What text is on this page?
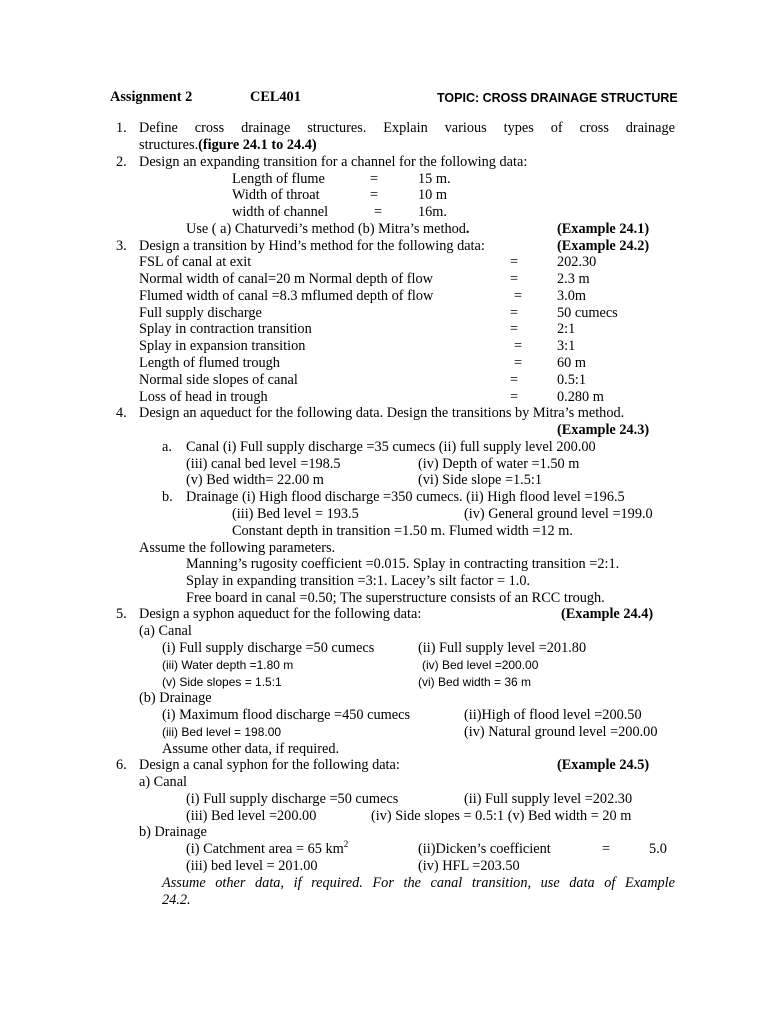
Assignment 2	CEL401	TOPIC: CROSS DRAINAGE STRUCTURE
1. Define cross drainage structures. Explain various types of cross drainage
structures.(figure 24.1 to 24.4)
2. Design an expanding transition for a channel for the following data:
Length of flume	=	15 m.
Width of throat	=	10 m
width of channel	=	16m.
Use ( a) Chaturvedi’s method (b) Mitra’s method.	(Example 24.1)
3. Design a transition by Hind’s method for the following data:	(Example 24.2)
FSL of canal at exit	=	202.30
Normal width of canal=20 m Normal depth of flow	=	2.3 m
Flumed width of canal =8.3 mflumed depth of flow	= 3.0m
Full supply discharge	=	50 cumecs
Splay in contraction transition	=	2:1
Splay in expansion transition	= 3:1
Length of flumed trough	= 60 m
Normal side slopes of canal	=	0.5:1
Loss of head in trough	=	0.280 m
4. Design an aqueduct for the following data. Design the transitions by Mitra’s method.
(Example 24.3)
a. Canal (i) Full supply discharge =35 cumecs (ii) full supply level 200.00
(iii) canal bed level =198.5	(iv) Depth of water =1.50 m
(v) Bed width= 22.00 m	(vi) Side slope =1.5:1
b. Drainage (i) High flood discharge =350 cumecs. (ii) High flood level =196.5
(iii) Bed level = 193.5	(iv) General ground level =199.0
Constant depth in transition =1.50 m. Flumed width =12 m.
Assume the following parameters.
Manning’s rugosity coefficient =0.015. Splay in contracting transition =2:1.
Splay in expanding transition =3:1. Lacey’s silt factor = 1.0.
Free board in canal =0.50; The superstructure consists of an RCC trough.
5. Design a syphon aqueduct for the following data:	(Example 24.4)
(a) Canal
(i) Full supply discharge =50 cumecs	(ii) Full supply level =201.80
(iii) Water depth =1.80 m	(iv) Bed level =200.00
(v) Side slopes = 1.5:1	(vi) Bed width = 36 m
(b) Drainage
(i) Maximum flood discharge =450 cumecs	(ii)High of flood level =200.50
(iii) Bed level = 198.00	(iv) Natural ground level =200.00
Assume other data, if required.
6. Design a canal syphon for the following data:	(Example 24.5)
a) Canal
(i) Full supply discharge =50 cumecs	(ii) Full supply level =202.30
(iii) Bed level =200.00	(iv) Side slopes = 0.5:1 (v) Bed width = 20 m
b) Drainage
(i) Catchment area = 65 $km^2$	(ii)Dicken’s coefficient	=	5.0
(iii) bed level = 201.00	(iv) HFL =203.50
Assume other data, if required. For the canal transition, use data of Example
24.2.
